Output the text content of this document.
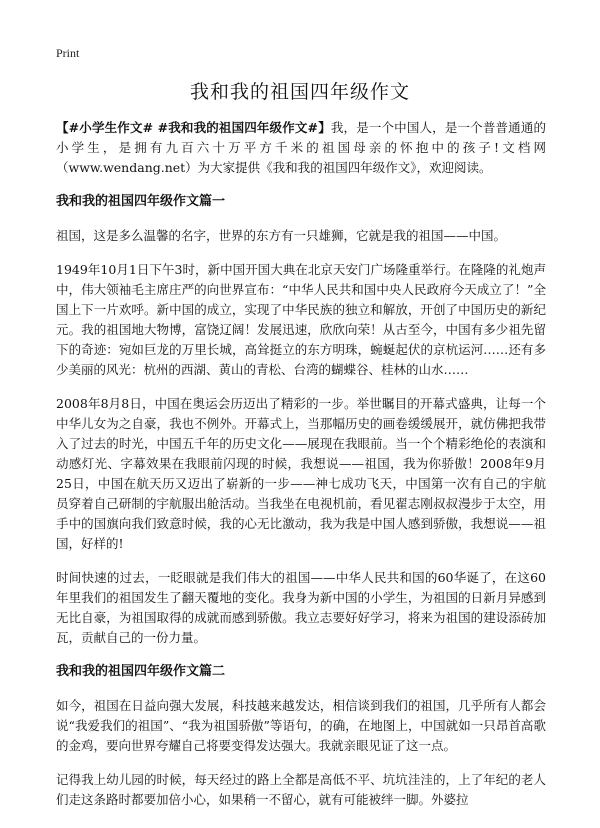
Print
我和我的祖国四年级作文

【#小学生作文# #我和我的祖国四年级作文#】我，是一个中国人，是一个普普通通的小学生，是拥有九百六十万平方千米的祖国母亲的怀抱中的孩子!文档网（www.wendang.net）为大家提供《我和我的祖国四年级作文》，欢迎阅读。

我和我的祖国四年级作文篇一

祖国，这是多么温馨的名字，世界的东方有一只雄狮，它就是我的祖国——中国。

1949年10月1日下午3时，新中国开国大典在北京天安门广场隆重举行。在隆隆的礼炮声中，伟大领袖毛主席庄严的向世界宣布：“中华人民共和国中央人民政府今天成立了！”全国上下一片欢呼。新中国的成立，实现了中华民族的独立和解放，开创了中国历史的新纪元。我的祖国地大物博，富饶辽阔！发展迅速，欣欣向荣！从古至今，中国有多少祖先留下的奇迹：宛如巨龙的万里长城，高耸挺立的东方明珠，蜿蜒起伏的京杭运河……还有多少美丽的风光：杭州的西湖、黄山的青松、台湾的蝴蝶谷、桂林的山水……

2008年8月8日，中国在奥运会历迈出了精彩的一步。举世瞩目的开幕式盛典，让每一个中华儿女为之自豪，我也不例外。开幕式上，当那幅历史的画卷缓缓展开，就仿佛把我带入了过去的时光，中国五千年的历史文化——展现在我眼前。当一个个精彩绝伦的表演和动感灯光、字幕效果在我眼前闪现的时候，我想说——祖国，我为你骄傲！2008年9月25日，中国在航天历又迈出了崭新的一步——神七成功飞天，中国第一次有自己的宇航员穿着自己研制的宇航服出舱活动。当我坐在电视机前，看见翟志刚叔叔漫步于太空，用手中的国旗向我们致意时候，我的心无比激动，我为我是中国人感到骄傲，我想说——祖国，好样的!

时间快速的过去，一眨眼就是我们伟大的祖国——中华人民共和国的60华诞了，在这60年里我们的祖国发生了翻天覆地的变化。我身为新中国的小学生，为祖国的日新月异感到无比自豪，为祖国取得的成就而感到骄傲。我立志要好好学习，将来为祖国的建设添砖加瓦，贡献自己的一份力量。

我和我的祖国四年级作文篇二

如今，祖国在日益向强大发展，科技越来越发达，相信谈到我们的祖国，几乎所有人都会说“我爱我们的祖国”、“我为祖国骄傲”等语句，的确，在地图上，中国就如一只昂首高歌的金鸡，要向世界夸耀自己将要变得发达强大。我就亲眼见证了这一点。

记得我上幼儿园的时候，每天经过的路上全都是高低不平、坑坑洼洼的，上了年纪的老人们走这条路时都要加倍小心，如果稍一不留心，就有可能被绊一脚。外婆拉
